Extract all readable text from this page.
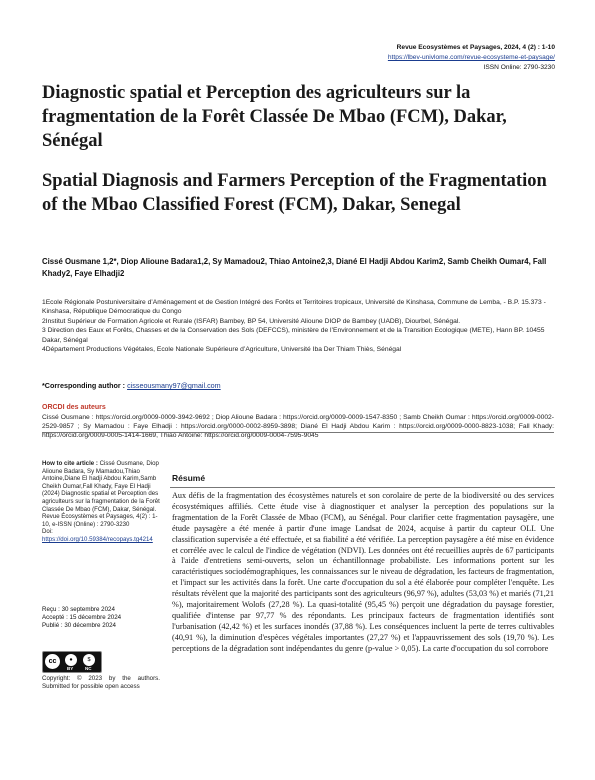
Revue Ecosystèmes et Paysages, 2024, 4 (2) : 1-10
https://lbev-univlome.com/revue-ecosysteme-et-paysage/
ISSN Online: 2790-3230
Diagnostic spatial et Perception des agriculteurs sur la fragmentation de la Forêt Classée De Mbao (FCM), Dakar, Sénégal
Spatial Diagnosis and Farmers Perception of the Fragmentation of the Mbao Classified Forest (FCM), Dakar, Senegal
Cissé Ousmane 1,2*, Diop Alioune Badara1,2, Sy Mamadou2, Thiao Antoine2,3, Diané El Hadji Abdou Karim2, Samb Cheikh Oumar4, Fall Khady2, Faye Elhadji2
1Ecole Régionale Postuniversitaire d’Aménagement et de Gestion Intégré des Forêts et Territoires tropicaux, Université de Kinshasa, Commune de Lemba, - B.P. 15.373 - Kinshasa, République Démocratique du Congo
2Institut Supérieur de Formation Agricole et Rurale (ISFAR) Bambey, BP 54, Université Alioune DIOP de Bambey (UADB), Diourbel, Sénégal.
3 Direction des Eaux et Forêts, Chasses et de la Conservation des Sols (DEFCCS), ministère de l’Environnement et de la Transition Ecologique (METE), Hann BP. 10455 Dakar, Sénégal
4Département Productions Végétales, Ecole Nationale Supérieure d’Agriculture, Université Iba Der Thiam Thiès, Sénégal
*Corresponding author : cisseousmany97@gmail.com
ORCDI des auteurs
Cissé Ousmane : https://orcid.org/0009-0009-3942-9692 ; Diop Alioune Badara : https://orcid.org/0009-0009-1547-8350 ; Samb Cheikh Oumar : https://orcid.org/0009-0002-2529-9857 ; Sy Mamadou : Faye Elhadji : https://orcid.org/0000-0002-8959-3898; Diané El Hadji Abdou Karim : https://orcid.org/0009-0000-8823-1038; Fall Khady: https://orcid.org/0009-0005-1414-1669, Thiao Antoine: https://orcid.org/0009-0004-7595-9045
How to cite article : Cissé Ousmane, Diop Alioune Badara, Sy Mamadou,Thiao Antoine,Diane El hadji Abdou Karim,Samb Cheikh Oumar,Fall Khady, Faye El Hadji (2024) Diagnostic spatial et Perception des agriculteurs sur la fragmentation de la Forêt Classée De Mbao (FCM), Dakar, Sénégal. Revue Écosystèmes et Paysages, 4(2) : 1-10, e-ISSN (Online) : 2790-3230
Doi: https://doi.org/10.59384/recopays.tg4214
Reçu : 30 septembre 2024
Accepté : 15 décembre 2024
Publié : 30 décembre 2024
cc	●	$
BY	NC
Copyright: © 2023 by the authors. Submitted for possible open access
Résumé
Aux défis de la fragmentation des écosystèmes naturels et son corolaire de perte de la biodiversité ou des services écosystémiques affiliés. Cette étude vise à diagnostiquer et analyser la perception des populations sur la fragmentation de la Forêt Classée de Mbao (FCM), au Sénégal. Pour clarifier cette fragmentation paysagère, une étude paysagère a été menée à partir d'une image Landsat de 2024, acquise à partir du capteur OLI. Une classification supervisée a été effectuée, et sa fiabilité a été vérifiée. La perception paysagère a été mise en évidence et corrélée avec le calcul de l'indice de végétation (NDVI). Les données ont été recueillies auprès de 67 participants à l'aide d'entretiens semi-ouverts, selon un échantillonnage probabiliste. Les informations portent sur les caractéristiques sociodémographiques, les connaissances sur le niveau de dégradation, les facteurs de fragmentation, et l'impact sur les activités dans la forêt. Une carte d'occupation du sol a été élaborée pour compléter l'enquête. Les résultats révèlent que la majorité des participants sont des agriculteurs (96,97 %), adultes (53,03 %) et mariés (71,21 %), majoritairement Wolofs (27,28 %). La quasi-totalité (95,45 %) perçoit une dégradation du paysage forestier, qualifiée d'intense par 97,77 % des répondants. Les principaux facteurs de fragmentation identifiés sont l'urbanisation (42,42 %) et les surfaces inondés (37,88 %). Les conséquences incluent la perte de terres cultivables (40,91 %), la diminution d'espèces végétales importantes (27,27 %) et l'appauvrissement des sols (19,70 %). Les perceptions de la dégradation sont indépendantes du genre (p-value > 0,05). La carte d'occupation du sol corrobore
